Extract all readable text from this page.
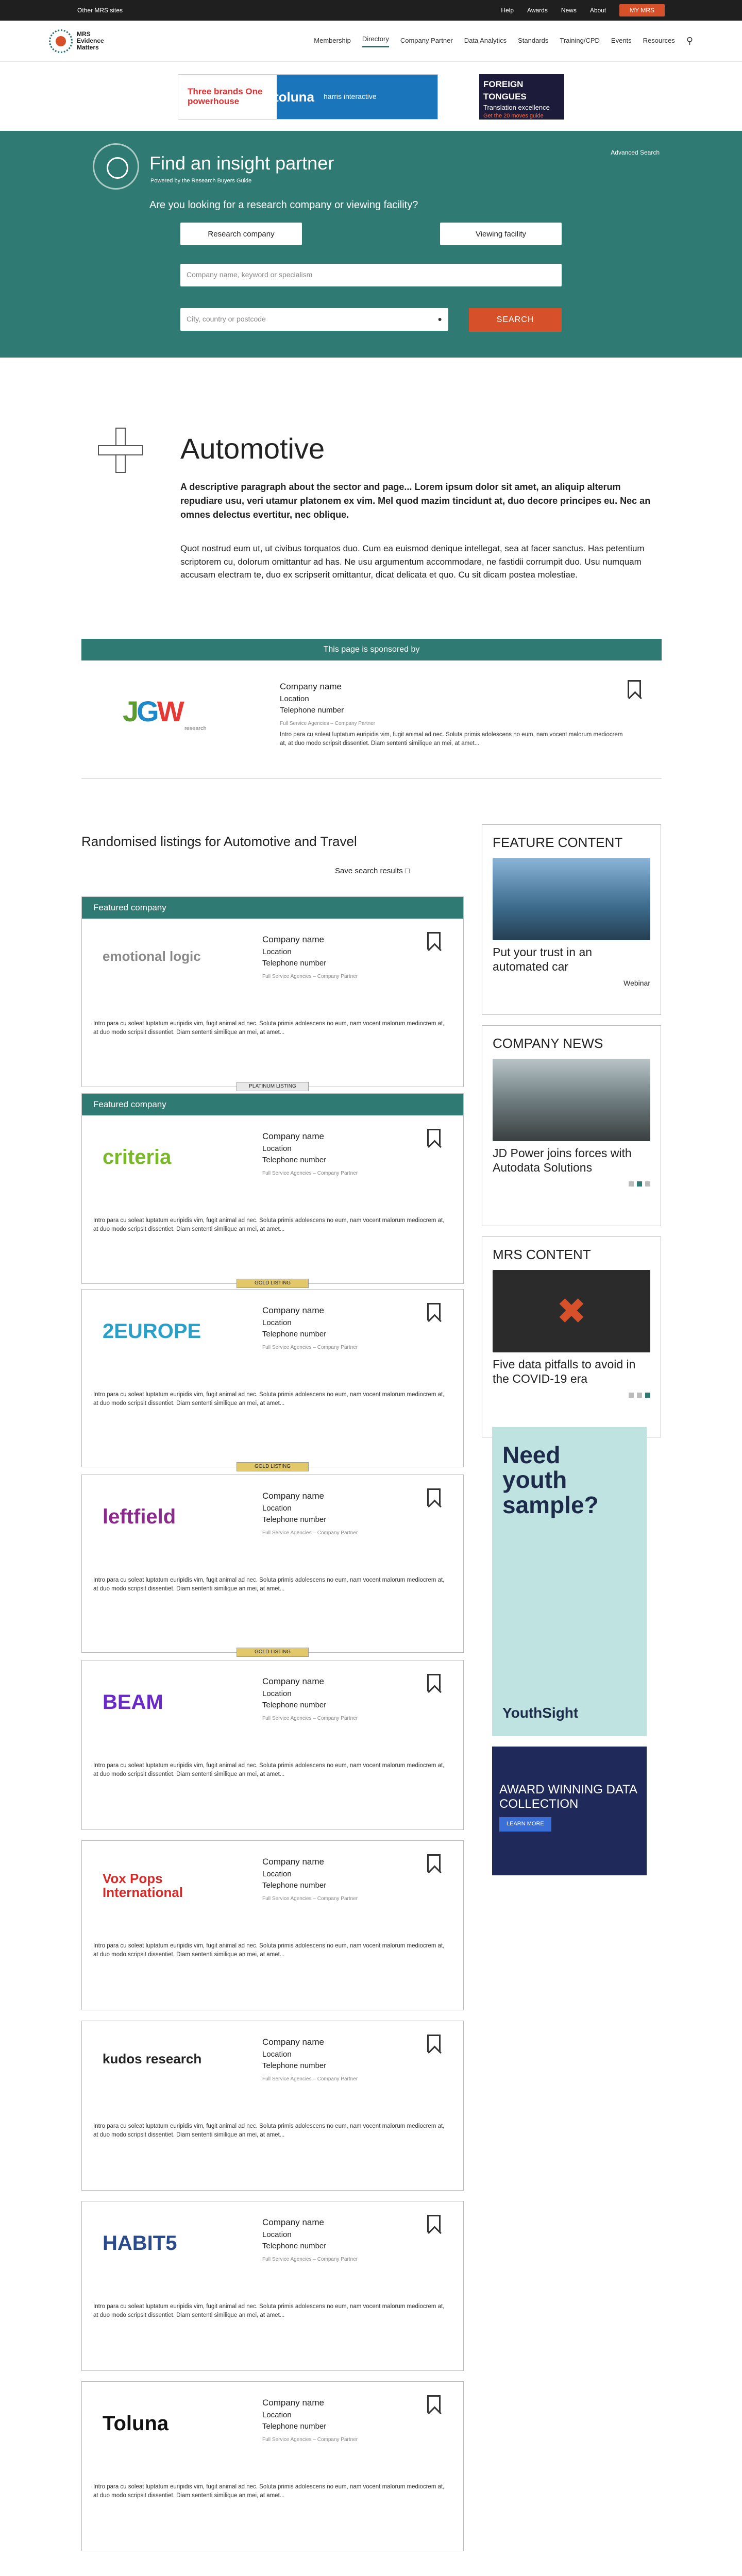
Other MRS sites	Help Awards News About	MY MRS
MRS
Evidence
Matters
Membership Directory Company Partner Data Analytics Standards Training/CPD Events Resources ⚲
Three brands One powerhouse	toluna harris interactive
FOREIGN TONGUES
Translation excellence
Get the 20 moves guide
Find an insight partner
Powered by the Research Buyers Guide
Advanced Search
Are you looking for a research company or viewing facility?
Research company	Viewing facility
Company name, keyword or specialism
City, country or postcode	●	SEARCH
Automotive

A descriptive paragraph about the sector and page... Lorem ipsum dolor sit amet, an aliquip alterum repudiare usu, veri utamur platonem ex vim. Mel quod mazim tincidunt at, duo decore principes eu. Nec an omnes delectus evertitur, nec oblique.

Quot nostrud eum ut, ut civibus torquatos duo. Cum ea euismod denique intellegat, sea at facer sanctus. Has petentium scriptorem cu, dolorum omittantur ad has. Ne usu argumentum accommodare, ne fastidii corrumpit duo. Usu numquam accusam electram te, duo ex scripserit omittantur, dicat delicata et quo. Cu sit dicam postea molestiae.

This page is sponsored by
JGW
research
Company name
Location
Telephone number
Full Service Agencies – Company Partner
Intro para cu soleat luptatum euripidis vim, fugit animal ad nec. Soluta primis adolescens no eum, nam vocent malorum mediocrem at, at duo modo scripsit dissentiet. Diam sententi similique an mei, at amet...
Randomised listings for Automotive and Travel
Save search results □
Featured company
emotional logic
Company name
Location
Telephone number
Full Service Agencies – Company Partner
Intro para cu soleat luptatum euripidis vim, fugit animal ad nec. Soluta primis adolescens no eum, nam vocent malorum mediocrem at, at duo modo scripsit dissentiet. Diam sententi similique an mei, at amet...
PLATINUM LISTING
Featured company
criteria
Company name
Location
Telephone number
Full Service Agencies – Company Partner
Intro para cu soleat luptatum euripidis vim, fugit animal ad nec. Soluta primis adolescens no eum, nam vocent malorum mediocrem at, at duo modo scripsit dissentiet. Diam sententi similique an mei, at amet...
GOLD LISTING
2EUROPE
Company name
Location
Telephone number
Full Service Agencies – Company Partner
Intro para cu soleat luptatum euripidis vim, fugit animal ad nec. Soluta primis adolescens no eum, nam vocent malorum mediocrem at, at duo modo scripsit dissentiet. Diam sententi similique an mei, at amet...
GOLD LISTING
leftfield
Company name
Location
Telephone number
Full Service Agencies – Company Partner
Intro para cu soleat luptatum euripidis vim, fugit animal ad nec. Soluta primis adolescens no eum, nam vocent malorum mediocrem at, at duo modo scripsit dissentiet. Diam sententi similique an mei, at amet...
GOLD LISTING
BEAM
Company name
Location
Telephone number
Full Service Agencies – Company Partner
Intro para cu soleat luptatum euripidis vim, fugit animal ad nec. Soluta primis adolescens no eum, nam vocent malorum mediocrem at, at duo modo scripsit dissentiet. Diam sententi similique an mei, at amet...
Vox Pops International
Company name
Location
Telephone number
Full Service Agencies – Company Partner
Intro para cu soleat luptatum euripidis vim, fugit animal ad nec. Soluta primis adolescens no eum, nam vocent malorum mediocrem at, at duo modo scripsit dissentiet. Diam sententi similique an mei, at amet...
kudos research
Company name
Location
Telephone number
Full Service Agencies – Company Partner
Intro para cu soleat luptatum euripidis vim, fugit animal ad nec. Soluta primis adolescens no eum, nam vocent malorum mediocrem at, at duo modo scripsit dissentiet. Diam sententi similique an mei, at amet...
HABIT5
Company name
Location
Telephone number
Full Service Agencies – Company Partner
Intro para cu soleat luptatum euripidis vim, fugit animal ad nec. Soluta primis adolescens no eum, nam vocent malorum mediocrem at, at duo modo scripsit dissentiet. Diam sententi similique an mei, at amet...
Toluna
Company name
Location
Telephone number
Full Service Agencies – Company Partner
Intro para cu soleat luptatum euripidis vim, fugit animal ad nec. Soluta primis adolescens no eum, nam vocent malorum mediocrem at, at duo modo scripsit dissentiet. Diam sententi similique an mei, at amet...
FEATURE CONTENT
Put your trust in an automated car
Webinar
COMPANY NEWS
JD Power joins forces with Autodata Solutions
MRS CONTENT
✖
Five data pitfalls to avoid in the COVID-19 era
Need youth sample?
YouthSight
AWARD WINNING DATA COLLECTION
LEARN MORE
